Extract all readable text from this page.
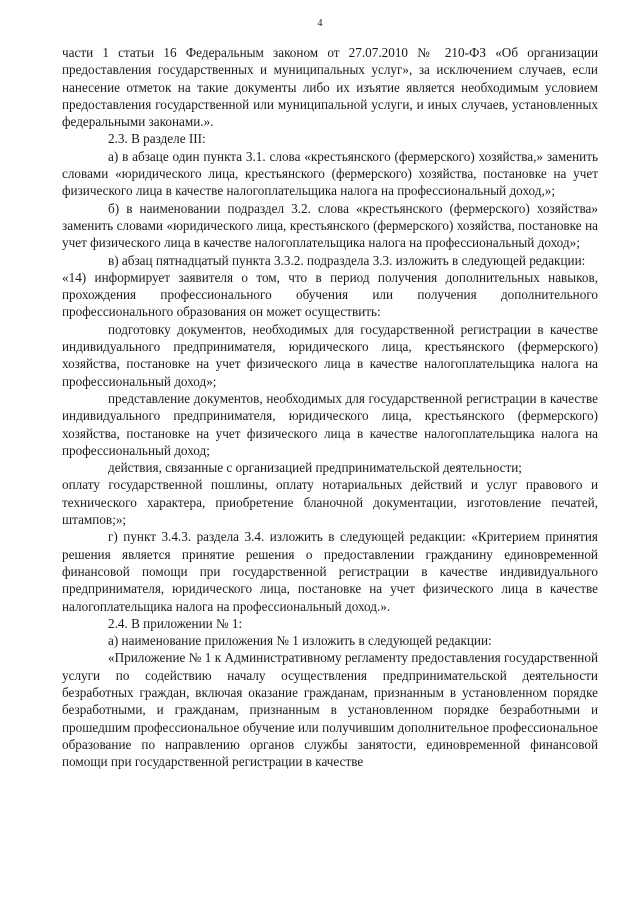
4

части 1 статьи 16 Федеральным законом от 27.07.2010 № 210-ФЗ «Об организации предоставления государственных и муниципальных услуг», за исключением случаев, если нанесение отметок на такие документы либо их изъятие является необходимым условием предоставления государственной или муниципальной услуги, и иных случаев, установленных федеральными законами.».

2.3. В разделе III:

а) в абзаце один пункта 3.1. слова «крестьянского (фермерского) хозяйства,» заменить словами «юридического лица, крестьянского (фермерского) хозяйства, постановке на учет физического лица в качестве налогоплательщика налога на профессиональный доход,»;

б) в наименовании подраздел 3.2. слова «крестьянского (фермерского) хозяйства» заменить словами «юридического лица, крестьянского (фермерского) хозяйства, постановке на учет физического лица в качестве налогоплательщика налога на профессиональный доход»;

в) абзац пятнадцатый пункта 3.3.2. подраздела 3.3. изложить в следующей редакции:

«14) информирует заявителя о том, что в период получения дополнительных навыков, прохождения профессионального обучения или получения дополнительного профессионального образования он может осуществить:

подготовку документов, необходимых для государственной регистрации в качестве индивидуального предпринимателя, юридического лица, крестьянского (фермерского) хозяйства, постановке на учет физического лица в качестве налогоплательщика налога на профессиональный доход»;

представление документов, необходимых для государственной регистрации в качестве индивидуального предпринимателя, юридического лица, крестьянского (фермерского) хозяйства, постановке на учет физического лица в качестве налогоплательщика налога на профессиональный доход;

действия, связанные с организацией предпринимательской деятельности;

оплату государственной пошлины, оплату нотариальных действий и услуг правового и технического характера, приобретение бланочной документации, изготовление печатей, штампов;»;

г) пункт 3.4.3. раздела 3.4. изложить в следующей редакции: «Критерием принятия решения является принятие решения о предоставлении гражданину единовременной финансовой помощи при государственной регистрации в качестве индивидуального предпринимателя, юридического лица, постановке на учет физического лица в качестве налогоплательщика налога на профессиональный доход.».

2.4. В приложении № 1:

а) наименование приложения № 1 изложить в следующей редакции:

«Приложение № 1 к Административному регламенту предоставления государственной услуги по содействию началу осуществления предпринимательской деятельности безработных граждан, включая оказание гражданам, признанным в установленном порядке безработными, и гражданам, признанным в установленном порядке безработными и прошедшим профессиональное обучение или получившим дополнительное профессиональное образование по направлению органов службы занятости, единовременной финансовой помощи при государственной регистрации в качестве
